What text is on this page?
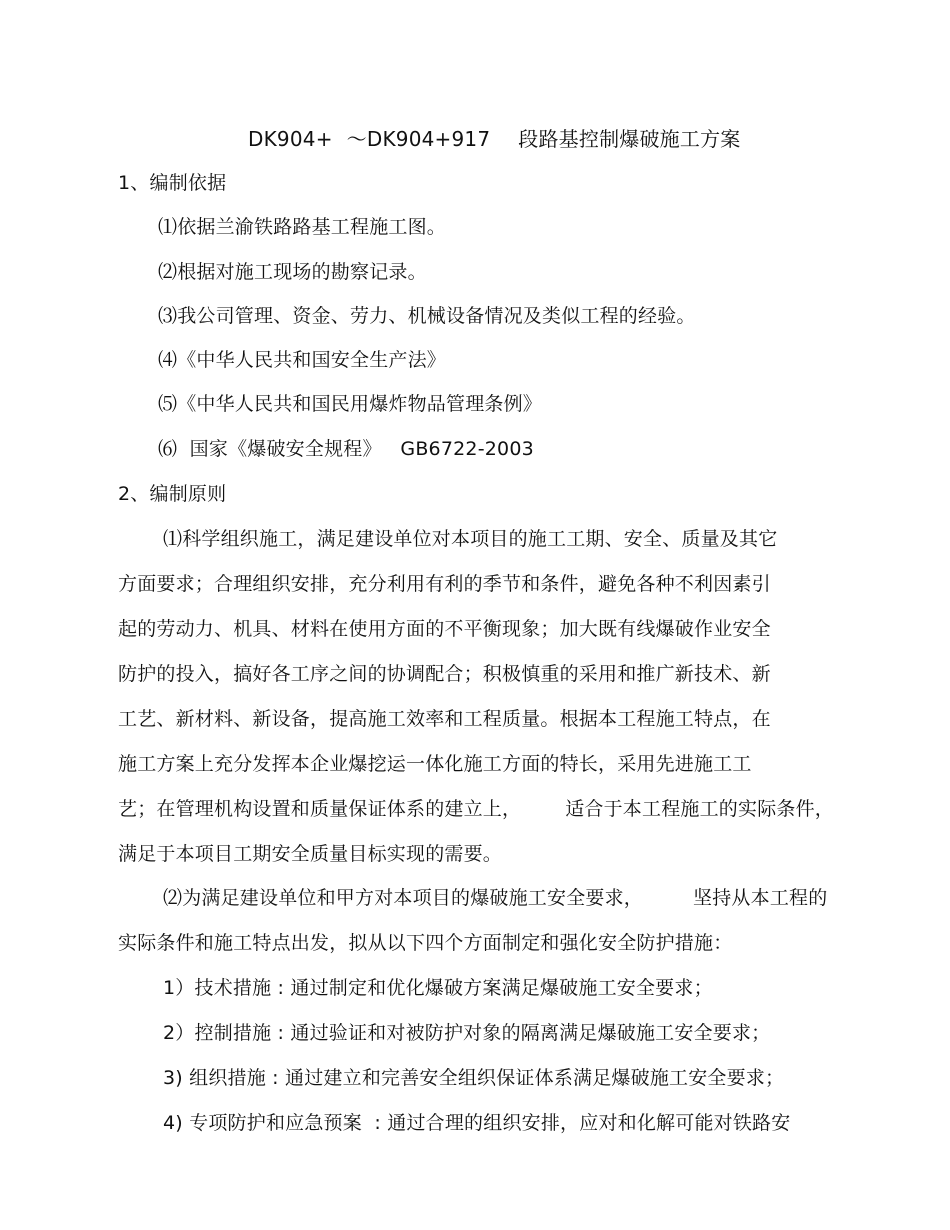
DK904+ ～DK904+917 段路基控制爆破施工方案
1、编制依据
⑴依据兰渝铁路路基工程施工图。
⑵根据对施工现场的勘察记录。
⑶我公司管理、资金、劳力、机械设备情况及类似工程的经验。
⑷《中华人民共和国安全生产法》
⑸《中华人民共和国民用爆炸物品管理条例》
⑹  国家《爆破安全规程》   GB6722-2003
2、编制原则
⑴科学组织施工，满足建设单位对本项目的施工工期、安全、质量及其它
方面要求；合理组织安排，充分利用有利的季节和条件，避免各种不利因素引
起的劳动力、机具、材料在使用方面的不平衡现象；加大既有线爆破作业安全
防护的投入，搞好各工序之间的协调配合；积极慎重的采用和推广新技术、新
工艺、新材料、新设备，提高施工效率和工程质量。根据本工程施工特点，在
施工方案上充分发挥本企业爆挖运一体化施工方面的特长，采用先进施工工
艺；在管理机构设置和质量保证体系的建立上， 适合于本工程施工的实际条件，
满足于本项目工期安全质量目标实现的需要。
⑵为满足建设单位和甲方对本项目的爆破施工安全要求，	坚持从本工程的
实际条件和施工特点出发，拟从以下四个方面制定和强化安全防护措施：
1）技术措施 : 通过制定和优化爆破方案满足爆破施工安全要求；
2）控制措施 : 通过验证和对被防护对象的隔离满足爆破施工安全要求；
3) 组织措施 : 通过建立和完善安全组织保证体系满足爆破施工安全要求；
4) 专项防护和应急预案  : 通过合理的组织安排，应对和化解可能对铁路安
